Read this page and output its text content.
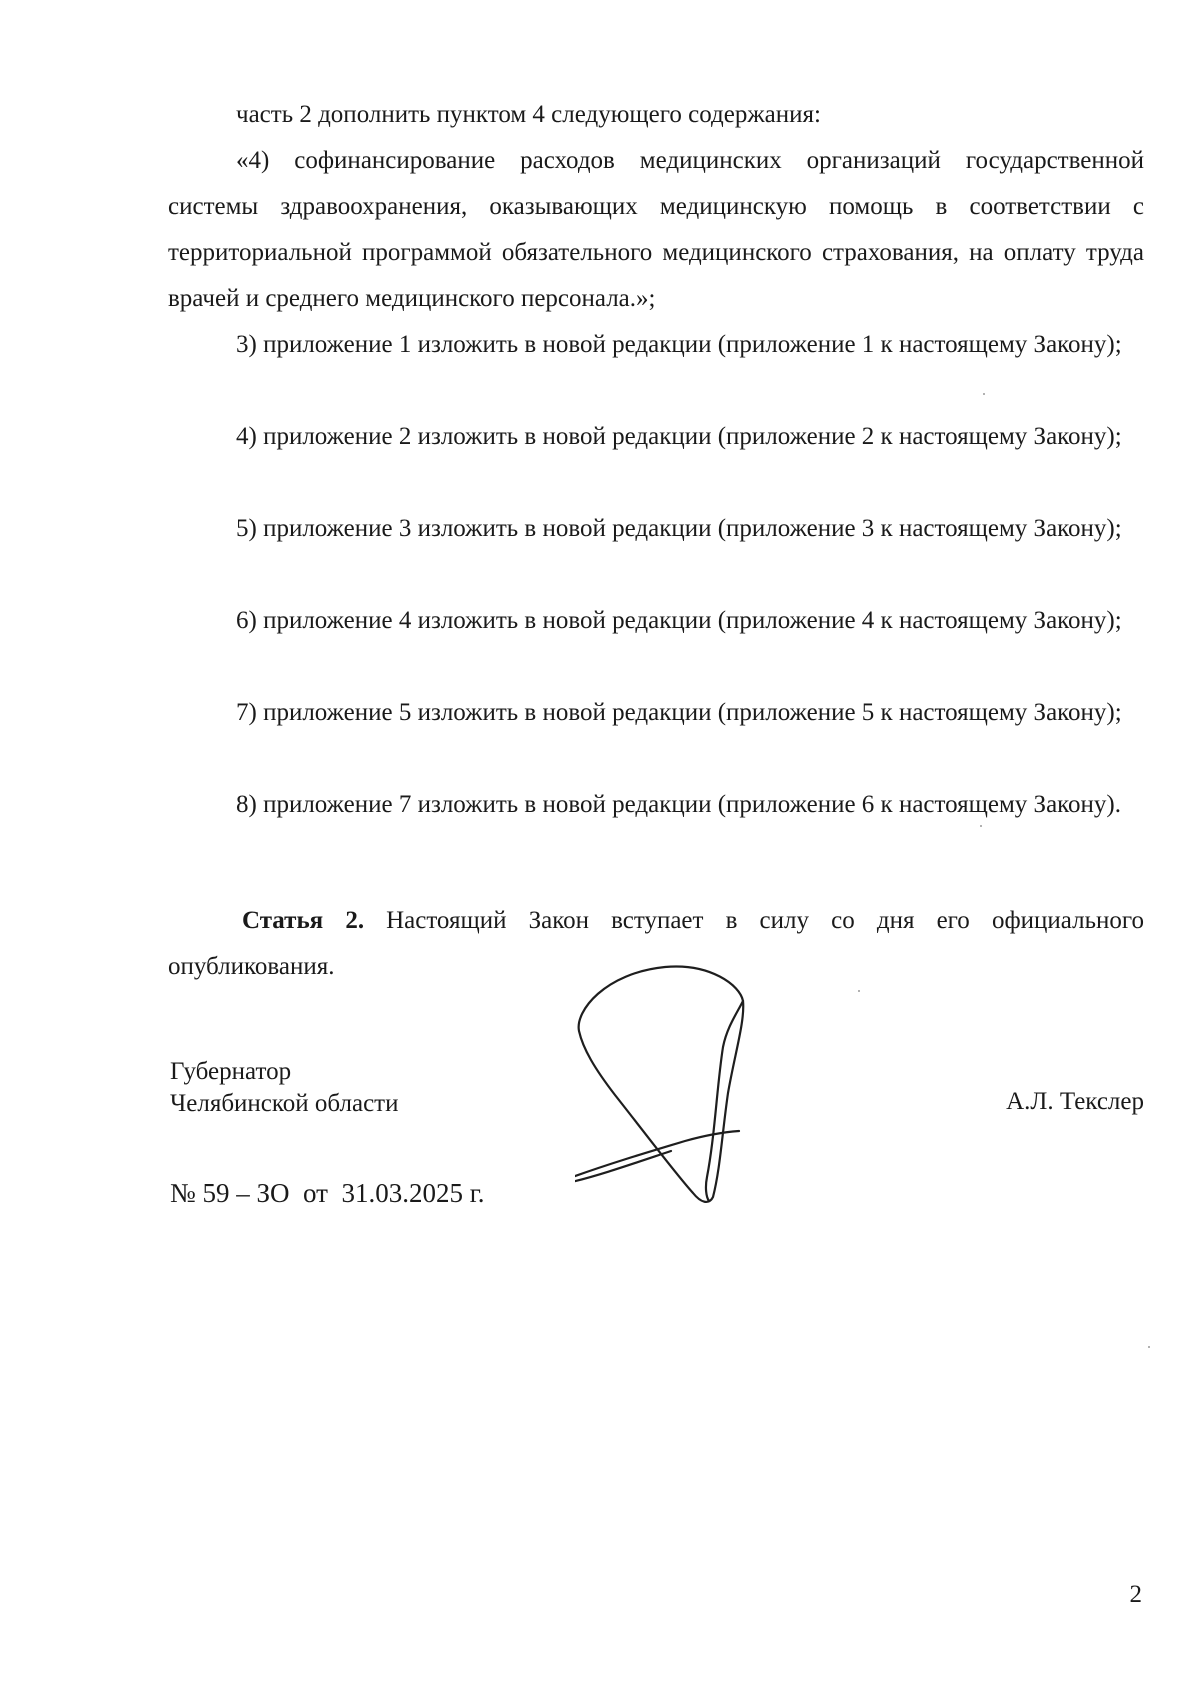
часть 2 дополнить пунктом 4 следующего содержания:

«4) софинансирование расходов медицинских организаций государственной системы здравоохранения, оказывающих медицинскую помощь в соответствии с территориальной программой обязательного медицинского страхования, на оплату труда врачей и среднего медицинского персонала.»;

3) приложение 1 изложить в новой редакции (приложение 1 к настоящему Закону);

4) приложение 2 изложить в новой редакции (приложение 2 к настоящему Закону);

5) приложение 3 изложить в новой редакции (приложение 3 к настоящему Закону);

6) приложение 4 изложить в новой редакции (приложение 4 к настоящему Закону);

7) приложение 5 изложить в новой редакции (приложение 5 к настоящему Закону);

8) приложение 7 изложить в новой редакции (приложение 6 к настоящему Закону).

Статья 2. Настоящий Закон вступает в силу со дня его официального опубликования.

Губернатор
Челябинской области	А.Л. Текслер
№ 59 – ЗО  от  31.03.2025 г.
2
